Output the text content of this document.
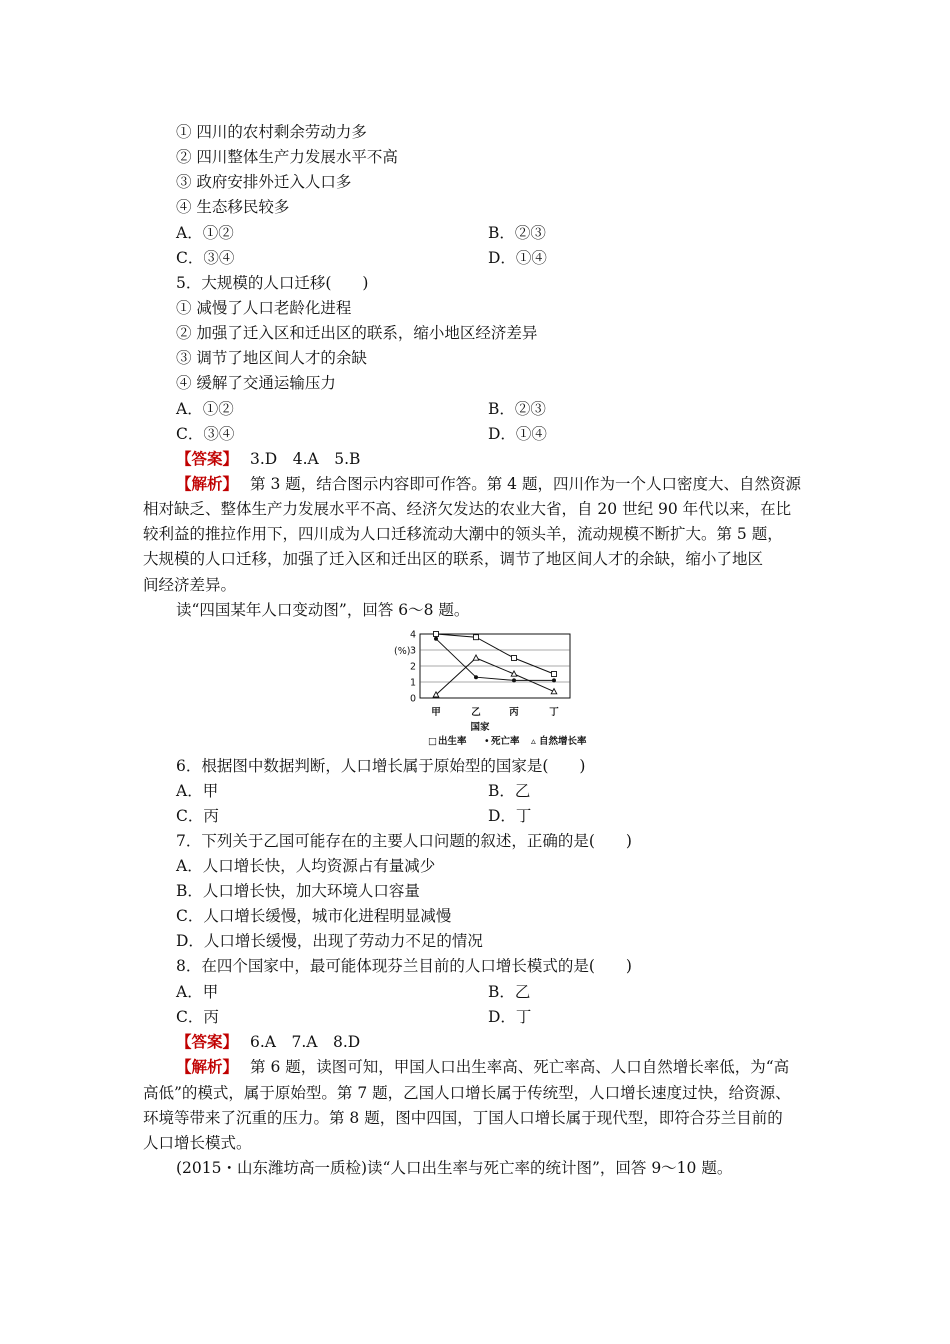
① 四川的农村剩余劳动力多
② 四川整体生产力发展水平不高
③ 政府安排外迁入人口多
④ 生态移民较多
A．①②	B．②③
C．③④	D．①④
5．大规模的人口迁移(　　)
① 减慢了人口老龄化进程
② 加强了迁入区和迁出区的联系，缩小地区经济差异
③ 调节了地区间人才的余缺
④ 缓解了交通运输压力
A．①②	B．②③
C．③④	D．①④
【答案】 3.D　4.A　5.B
【解析】 第 3 题，结合图示内容即可作答。第 4 题，四川作为一个人口密度大、自然资源
相对缺乏、整体生产力发展水平不高、经济欠发达的农业大省，自 20 世纪 90 年代以来，在比
较利益的推拉作用下，四川成为人口迁移流动大潮中的领头羊，流动规模不断扩大。第 5 题，
大规模的人口迁移，加强了迁入区和迁出区的联系，调节了地区间人才的余缺，缩小了地区
间经济差异。
读“四国某年人口变动图”，回答 6～8 题。
(%)
0
1
2
3
4
甲	乙	丙	丁
国家
□ 出生率 • 死亡率 ▵ 自然增长率
6．根据图中数据判断，人口增长属于原始型的国家是(　　)
A．甲	B．乙
C．丙	D．丁
7．下列关于乙国可能存在的主要人口问题的叙述，正确的是(　　)
A．人口增长快，人均资源占有量减少
B．人口增长快，加大环境人口容量
C．人口增长缓慢，城市化进程明显减慢
D．人口增长缓慢，出现了劳动力不足的情况
8．在四个国家中，最可能体现芬兰目前的人口增长模式的是(　　)
A．甲	B．乙
C．丙	D．丁
【答案】 6.A　7.A　8.D
【解析】 第 6 题，读图可知，甲国人口出生率高、死亡率高、人口自然增长率低，为“高
高低”的模式，属于原始型。第 7 题，乙国人口增长属于传统型，人口增长速度过快，给资源、
环境等带来了沉重的压力。第 8 题，图中四国，丁国人口增长属于现代型，即符合芬兰目前的
人口增长模式。
(2015・山东潍坊高一质检)读“人口出生率与死亡率的统计图”，回答 9～10 题。
